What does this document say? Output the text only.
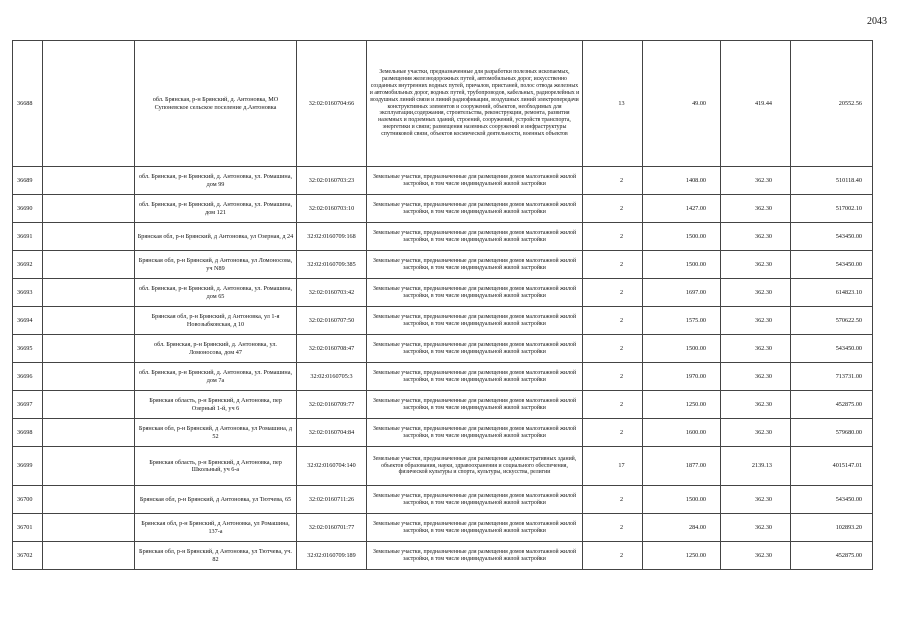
2043
36688		обл. Брянская, р-н Брянский, д. Антоновка, МО Супоневское сельское поселение д.Антоновка	32:02:0160704:66	Земельные участки, предназначенные для разработки полезных ископаемых, размещения железнодорожных путей, автомобильных дорог, искусственно созданных внутренних водных путей, причалов, пристаней, полос отвода железных и автомобильных дорог, водных путей, трубопроводов, кабельных, радиорелейных и воздушных линий связи и линий радиофикации, воздушных линий электропередачи конструктивных элементов и сооружений, объектов, необходимых для эксплуатации,содержания, строительства, реконструкции, ремонта, развития наземных и подземных зданий, строений, сооружений, устройств транспорта, энергетики и связи; размещения наземных сооружений и инфраструктуры спутниковой связи, объектов космической деятельности, военных объектов	13	49.00	419.44	20552.56
36689		обл. Брянская, р-н Брянский, д. Антоновка, ул. Ромашина, дом 99	32:02:0160703:23	Земельные участки, предназначенные для размещения домов малоэтажной жилой застройки, в том числе индивидуальной жилой застройки	2	1408.00	362.30	510118.40
36690		обл. Брянская, р-н Брянский, д. Антоновка, ул. Ромашина, дом 121	32:02:0160703:10	Земельные участки, предназначенные для размещения домов малоэтажной жилой застройки, в том числе индивидуальной жилой застройки	2	1427.00	362.30	517002.10
36691		Брянская обл, р-н Брянский, д Антоновка, ул Озерная, д 24	32:02:0160709:168	Земельные участки, предназначенные для размещения домов малоэтажной жилой застройки, в том числе индивидуальной жилой застройки	2	1500.00	362.30	543450.00
36692		Брянская обл, р-н Брянский, д Антоновка, ул Ломоносова, уч N89	32:02:0160709:385	Земельные участки, предназначенные для размещения домов малоэтажной жилой застройки, в том числе индивидуальной жилой застройки	2	1500.00	362.30	543450.00
36693		обл. Брянская, р-н Брянский, д. Антоновка, ул. Ромашина, дом 65	32:02:0160703:42	Земельные участки, предназначенные для размещения домов малоэтажной жилой застройки, в том числе индивидуальной жилой застройки	2	1697.00	362.30	614823.10
36694		Брянская обл, р-н Брянский, д Антоновка, ул 1-я Новозыбковская, д 10	32:02:0160707:50	Земельные участки, предназначенные для размещения домов малоэтажной жилой застройки, в том числе индивидуальной жилой застройки	2	1575.00	362.30	570622.50
36695		обл. Брянская, р-н Брянский, д. Антоновка, ул. Ломоносова, дом 47	32:02:0160708:47	Земельные участки, предназначенные для размещения домов малоэтажной жилой застройки, в том числе индивидуальной жилой застройки	2	1500.00	362.30	543450.00
36696		обл. Брянская, р-н Брянский, д. Антоновка, ул. Ромашина, дом 7а	32:02:0160705:3	Земельные участки, предназначенные для размещения домов малоэтажной жилой застройки, в том числе индивидуальной жилой застройки	2	1970.00	362.30	713731.00
36697		Брянская область, р-н Брянский, д Антоновка, пер Озерный 1-й, уч 6	32:02:0160709:77	Земельные участки, предназначенные для размещения домов малоэтажной жилой застройки, в том числе индивидуальной жилой застройки	2	1250.00	362.30	452875.00
36698		Брянская обл, р-н Брянский, д Антоновка, ул Ромашина, д 52	32:02:0160704:84	Земельные участки, предназначенные для размещения домов малоэтажной жилой застройки, в том числе индивидуальной жилой застройки	2	1600.00	362.30	579680.00
36699		Брянская область, р-н Брянский, д Антоновка, пер Школьный, уч 6-а	32:02:0160704:140	Земельные участки, предназначенные для размещения административных зданий, объектов образования, науки, здравоохранения и социального обеспечения, физической культуры и спорта, культуры, искусства, религии	17	1877.00	2139.13	4015147.01
36700		Брянская обл, р-н Брянский, д Антоновка, ул Тютчева, 65	32:02:0160711:26	Земельные участки, предназначенные для размещения домов малоэтажной жилой застройки, в том числе индивидуальной жилой застройки	2	1500.00	362.30	543450.00
36701		Брянская обл, р-н Брянский, д Антоновка, ул Ромашина, 137-а	32:02:0160701:77	Земельные участки, предназначенные для размещения домов малоэтажной жилой застройки, в том числе индивидуальной жилой застройки	2	284.00	362.30	102893.20
36702		Брянская обл, р-н Брянский, д Антоновка, ул Тютчева, уч. 82	32:02:0160709:189	Земельные участки, предназначенные для размещения домов малоэтажной жилой застройки, в том числе индивидуальной жилой застройки	2	1250.00	362.30	452875.00
